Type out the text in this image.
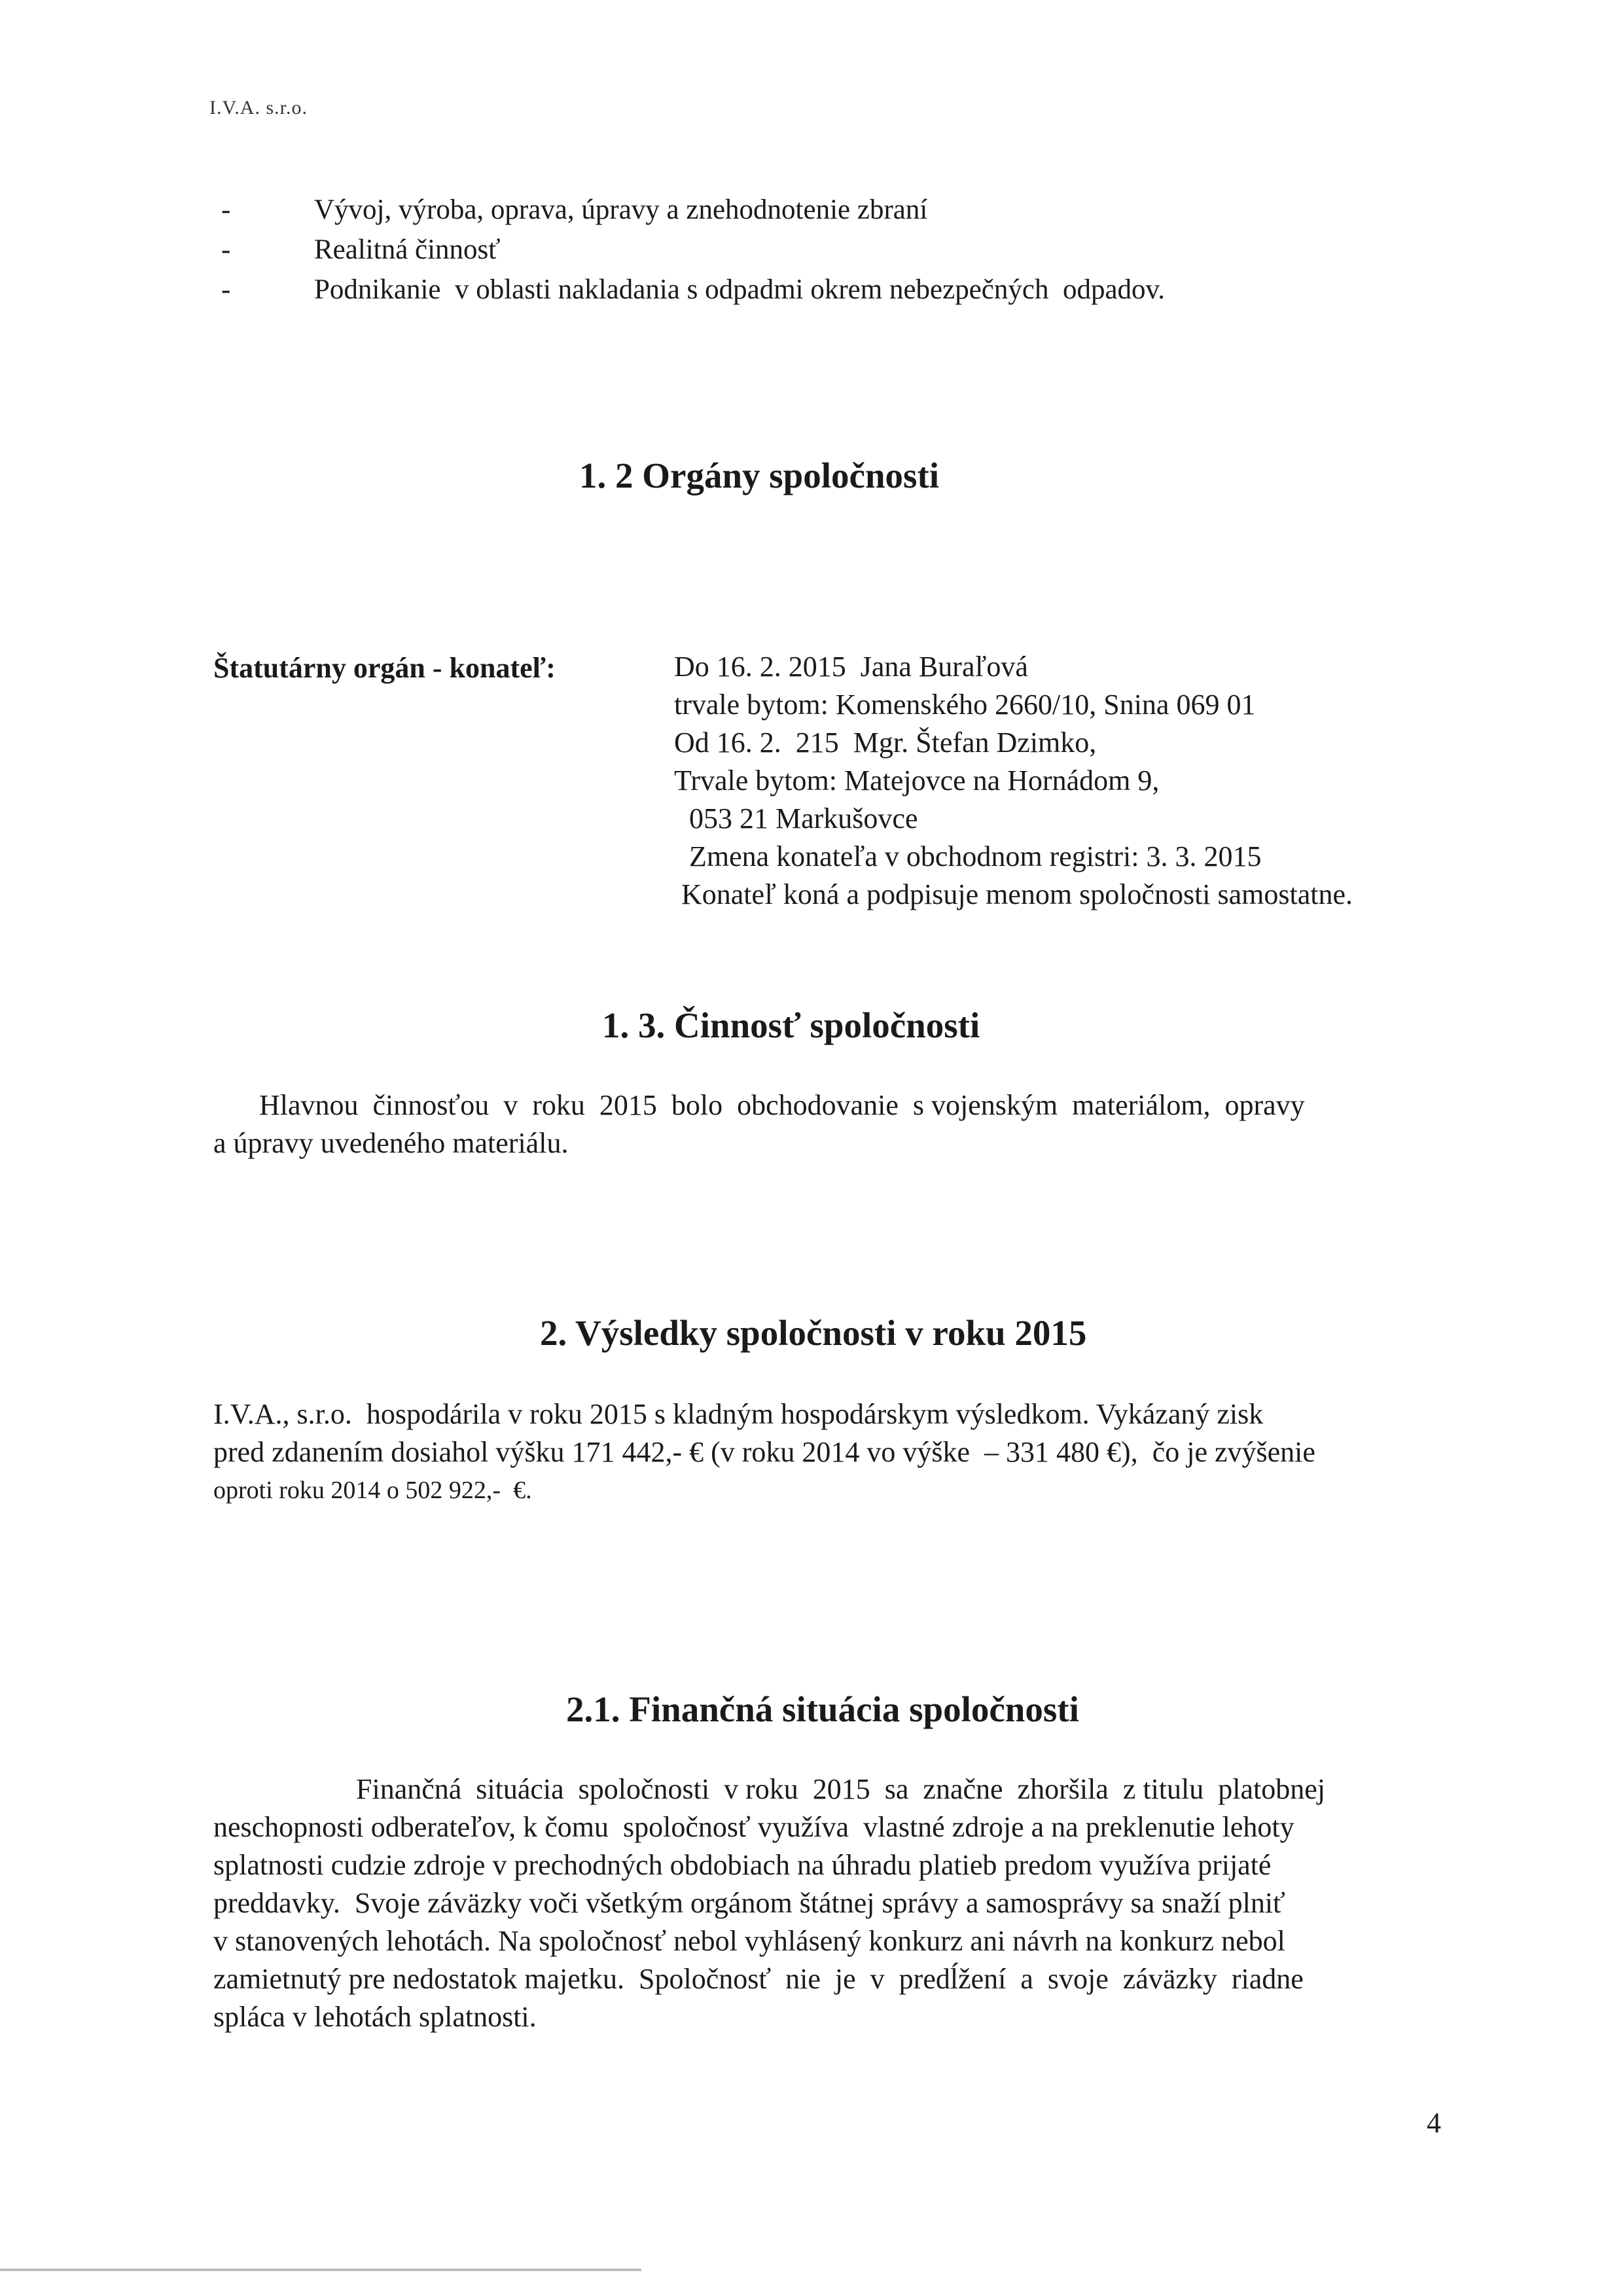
I.V.A. s.r.o.
-	Vývoj, výroba, oprava, úpravy a znehodnotenie zbraní
-	Realitná činnosť
-	Podnikanie  v oblasti nakladania s odpadmi okrem nebezpečných  odpadov.
1. 2 Orgány spoločnosti
Štatutárny orgán - konateľ:	Do 16. 2. 2015  Jana Buraľová
trvale bytom: Komenského 2660/10, Snina 069 01
Od 16. 2.  215  Mgr. Štefan Dzimko,
Trvale bytom: Matejovce na Hornádom 9,
053 21 Markušovce
Zmena konateľa v obchodnom registri: 3. 3. 2015
Konateľ koná a podpisuje menom spoločnosti samostatne.
1. 3. Činnosť spoločnosti
Hlavnou  činnosťou  v  roku  2015  bolo  obchodovanie  s vojenským  materiálom,  opravy
a úpravy uvedeného materiálu.
2. Výsledky spoločnosti v roku 2015
I.V.A., s.r.o.  hospodárila v roku 2015 s kladným hospodárskym výsledkom. Vykázaný zisk
pred zdanením dosiahol výšku 171 442,- € (v roku 2014 vo výške  – 331 480 €),  čo je zvýšenie
oproti roku 2014 o 502 922,-  €.
2.1. Finančná situácia spoločnosti
Finančná  situácia  spoločnosti  v roku  2015  sa  značne  zhoršila  z titulu  platobnej
neschopnosti odberateľov, k čomu  spoločnosť využíva  vlastné zdroje a na preklenutie lehoty
splatnosti cudzie zdroje v prechodných obdobiach na úhradu platieb predom využíva prijaté
preddavky.  Svoje záväzky voči všetkým orgánom štátnej správy a samosprávy sa snaží plniť
v stanovených lehotách. Na spoločnosť nebol vyhlásený konkurz ani návrh na konkurz nebol
zamietnutý pre nedostatok majetku.  Spoločnosť  nie  je  v  predĺžení  a  svoje  záväzky  riadne
spláca v lehotách splatnosti.
4
